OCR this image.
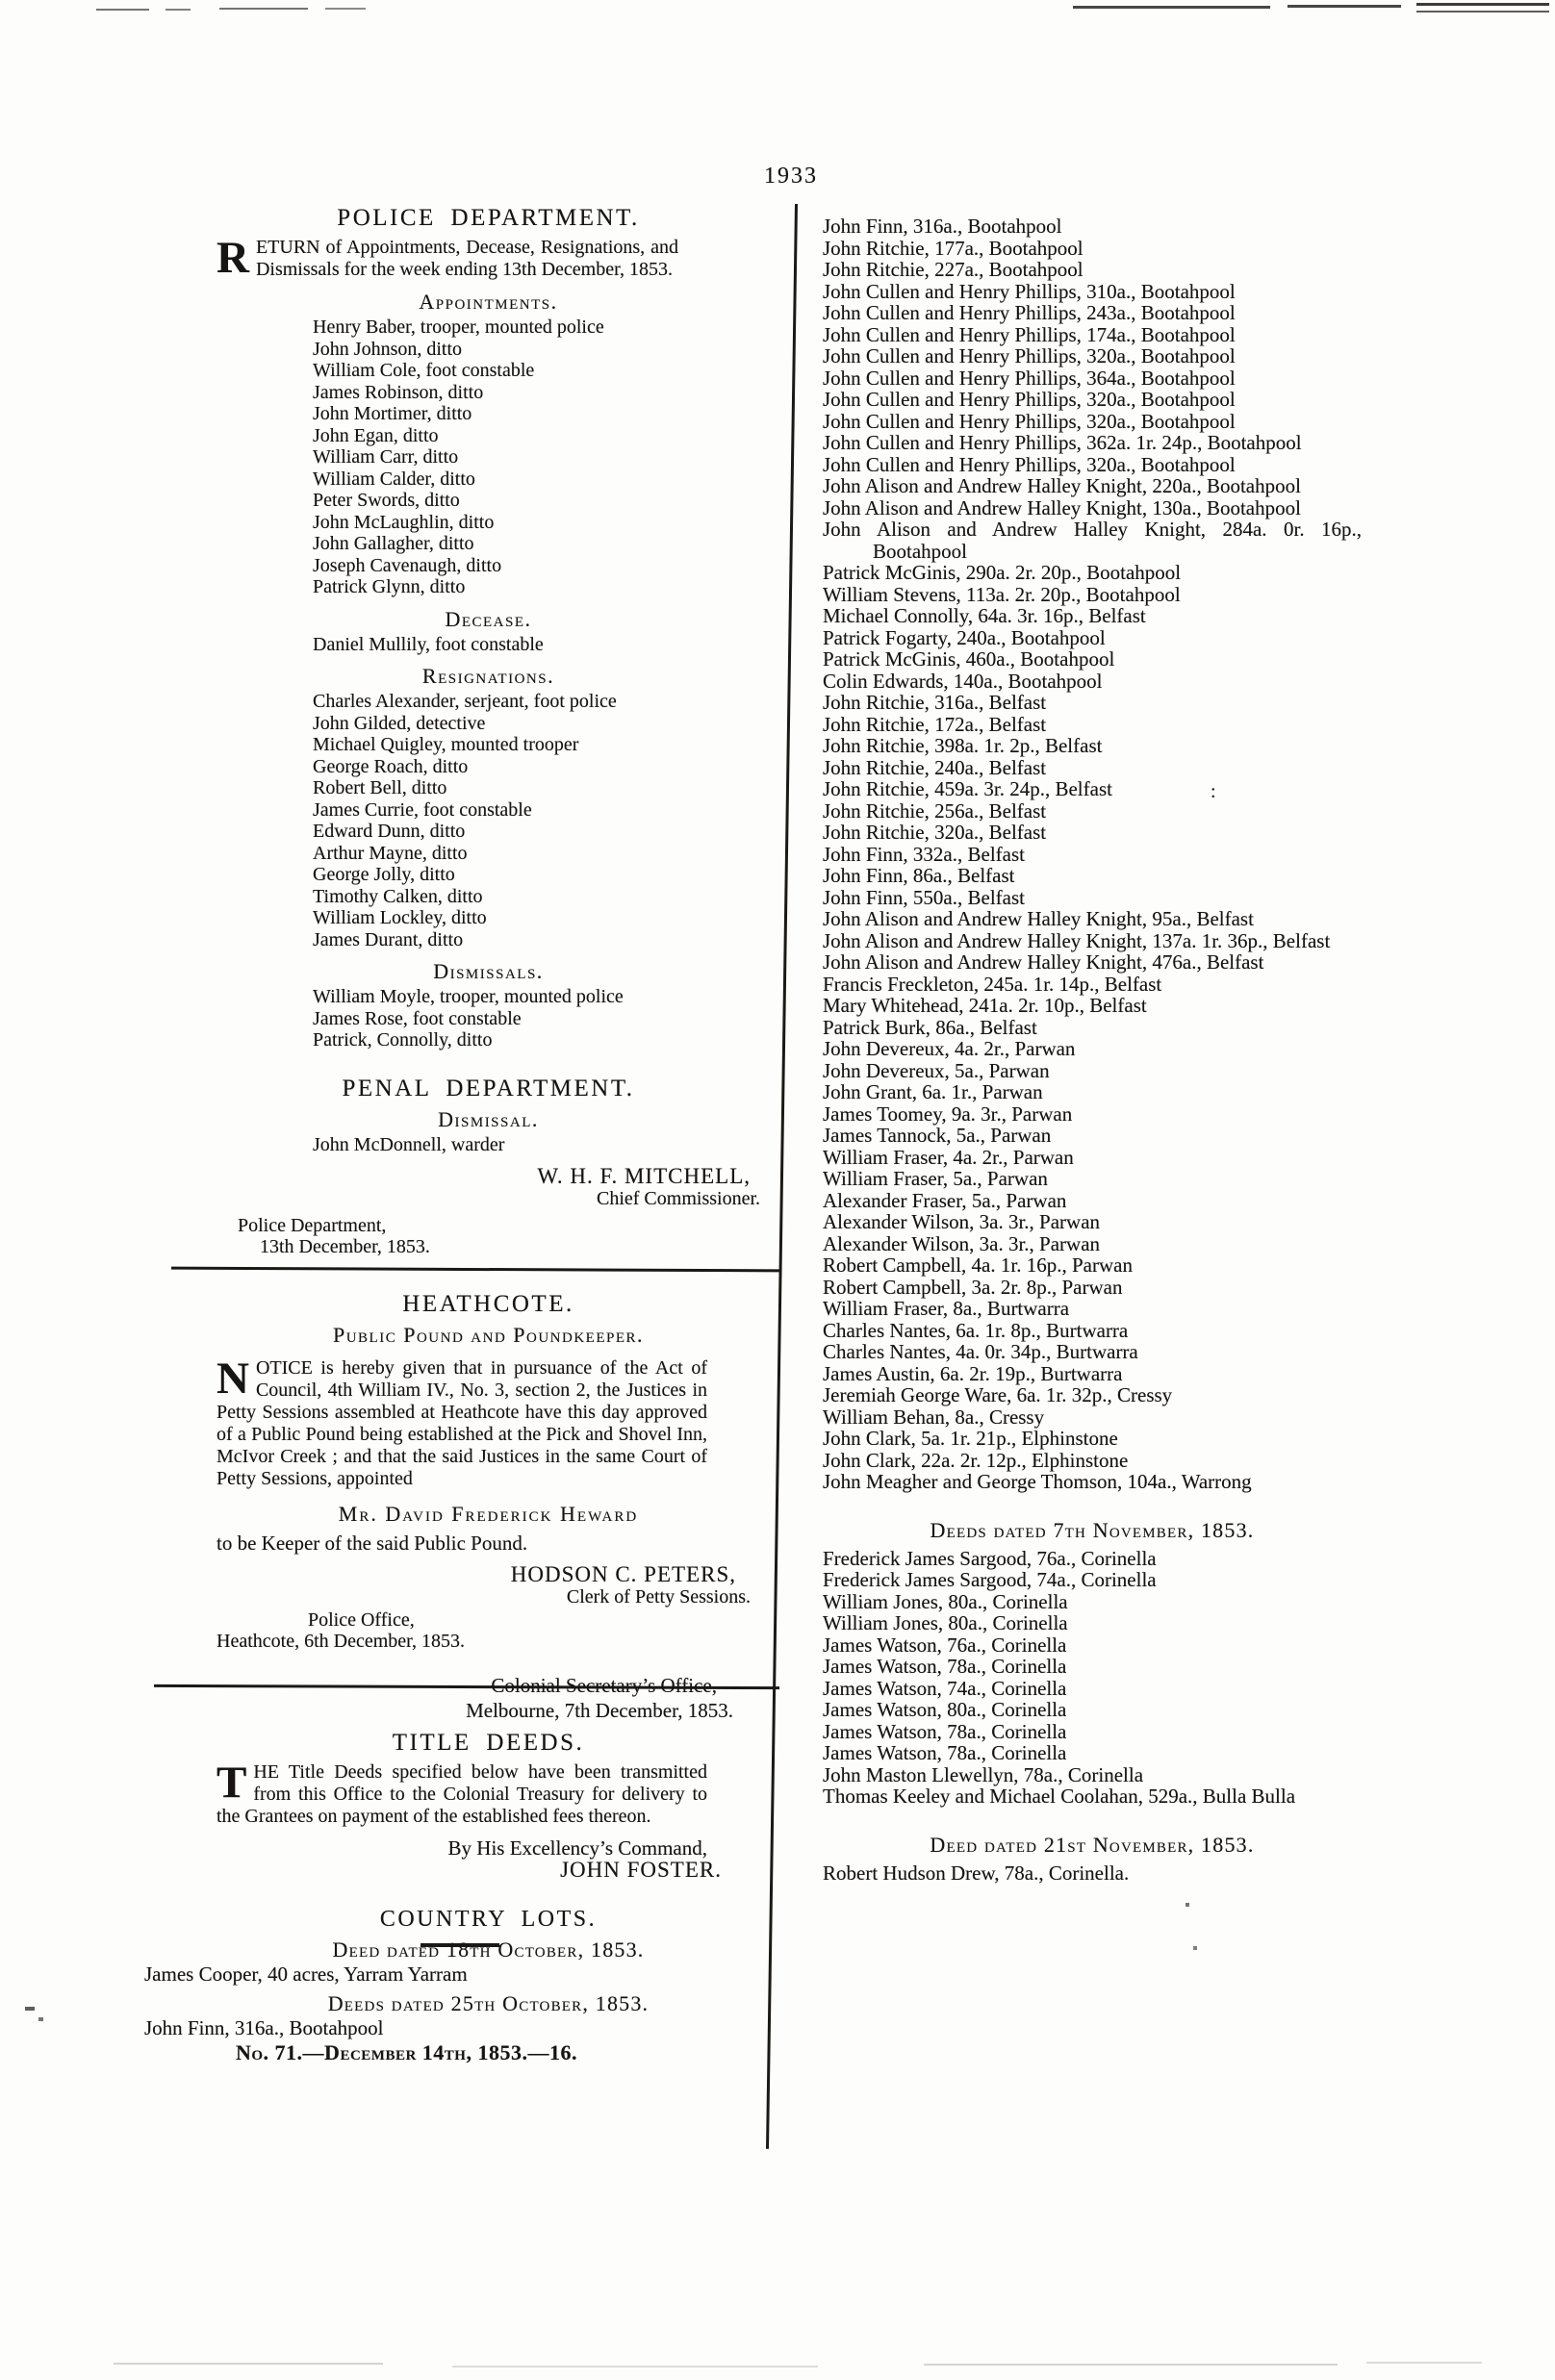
:
1933
POLICE DEPARTMENT.

RETURN of Appointments, Decease, Resignations, and Dismissals for the week ending 13th December, 1853.

Appointments.
Henry Baber, trooper, mounted police
John Johnson, ditto
William Cole, foot constable
James Robinson, ditto
John Mortimer, ditto
John Egan, ditto
William Carr, ditto
William Calder, ditto
Peter Swords, ditto
John McLaughlin, ditto
John Gallagher, ditto
Joseph Cavenaugh, ditto
Patrick Glynn, ditto
Decease.
Daniel Mullily, foot constable
Resignations.
Charles Alexander, serjeant, foot police
John Gilded, detective
Michael Quigley, mounted trooper
George Roach, ditto
Robert Bell, ditto
James Currie, foot constable
Edward Dunn, ditto
Arthur Mayne, ditto
George Jolly, ditto
Timothy Calken, ditto
William Lockley, ditto
James Durant, ditto
Dismissals.
William Moyle, trooper, mounted police
James Rose, foot constable
Patrick, Connolly, ditto
PENAL DEPARTMENT.
Dismissal.
John McDonnell, warder
W. H. F. MITCHELL,
Chief Commissioner.
Police Department,
13th December, 1853.
HEATHCOTE.
Public Pound and Poundkeeper.

NOTICE is hereby given that in pursuance of the Act of Council, 4th William IV., No. 3, section 2, the Justices in Petty Sessions assembled at Heathcote have this day approved of a Public Pound being established at the Pick and Shovel Inn, McIvor Creek ; and that the said Justices in the same Court of Petty Sessions, appointed

Mr. David Frederick Heward
to be Keeper of the said Public Pound.
HODSON C. PETERS,
Clerk of Petty Sessions.
Police Office,
Heathcote, 6th December, 1853.
Colonial Secretary’s Office,
Melbourne, 7th December, 1853.
TITLE DEEDS.

THE Title Deeds specified below have been transmitted from this Office to the Colonial Treasury for delivery to the Grantees on payment of the established fees thereon.

By His Excellency’s Command,
JOHN FOSTER.
COUNTRY LOTS.
Deed dated 18th October, 1853.
James Cooper, 40 acres, Yarram Yarram
Deeds dated 25th October, 1853.
John Finn, 316a., Bootahpool
No. 71.—December 14th, 1853.—16.
John Finn, 316a., Bootahpool
John Ritchie, 177a., Bootahpool
John Ritchie, 227a., Bootahpool
John Cullen and Henry Phillips, 310a., Bootahpool
John Cullen and Henry Phillips, 243a., Bootahpool
John Cullen and Henry Phillips, 174a., Bootahpool
John Cullen and Henry Phillips, 320a., Bootahpool
John Cullen and Henry Phillips, 364a., Bootahpool
John Cullen and Henry Phillips, 320a., Bootahpool
John Cullen and Henry Phillips, 320a., Bootahpool
John Cullen and Henry Phillips, 362a. 1r. 24p., Bootahpool
John Cullen and Henry Phillips, 320a., Bootahpool
John Alison and Andrew Halley Knight, 220a., Bootahpool
John Alison and Andrew Halley Knight, 130a., Bootahpool
John Alison and Andrew Halley Knight, 284a. 0r. 16p., Bootahpool
Patrick McGinis, 290a. 2r. 20p., Bootahpool
William Stevens, 113a. 2r. 20p., Bootahpool
Michael Connolly, 64a. 3r. 16p., Belfast
Patrick Fogarty, 240a., Bootahpool
Patrick McGinis, 460a., Bootahpool
Colin Edwards, 140a., Bootahpool
John Ritchie, 316a., Belfast
John Ritchie, 172a., Belfast
John Ritchie, 398a. 1r. 2p., Belfast
John Ritchie, 240a., Belfast
John Ritchie, 459a. 3r. 24p., Belfast
John Ritchie, 256a., Belfast
John Ritchie, 320a., Belfast
John Finn, 332a., Belfast
John Finn, 86a., Belfast
John Finn, 550a., Belfast
John Alison and Andrew Halley Knight, 95a., Belfast
John Alison and Andrew Halley Knight, 137a. 1r. 36p., Belfast
John Alison and Andrew Halley Knight, 476a., Belfast
Francis Freckleton, 245a. 1r. 14p., Belfast
Mary Whitehead, 241a. 2r. 10p., Belfast
Patrick Burk, 86a., Belfast
John Devereux, 4a. 2r., Parwan
John Devereux, 5a., Parwan
John Grant, 6a. 1r., Parwan
James Toomey, 9a. 3r., Parwan
James Tannock, 5a., Parwan
William Fraser, 4a. 2r., Parwan
William Fraser, 5a., Parwan
Alexander Fraser, 5a., Parwan
Alexander Wilson, 3a. 3r., Parwan
Alexander Wilson, 3a. 3r., Parwan
Robert Campbell, 4a. 1r. 16p., Parwan
Robert Campbell, 3a. 2r. 8p., Parwan
William Fraser, 8a., Burtwarra
Charles Nantes, 6a. 1r. 8p., Burtwarra
Charles Nantes, 4a. 0r. 34p., Burtwarra
James Austin, 6a. 2r. 19p., Burtwarra
Jeremiah George Ware, 6a. 1r. 32p., Cressy
William Behan, 8a., Cressy
John Clark, 5a. 1r. 21p., Elphinstone
John Clark, 22a. 2r. 12p., Elphinstone
John Meagher and George Thomson, 104a., Warrong
Deeds dated 7th November, 1853.
Frederick James Sargood, 76a., Corinella
Frederick James Sargood, 74a., Corinella
William Jones, 80a., Corinella
William Jones, 80a., Corinella
James Watson, 76a., Corinella
James Watson, 78a., Corinella
James Watson, 74a., Corinella
James Watson, 80a., Corinella
James Watson, 78a., Corinella
James Watson, 78a., Corinella
John Maston Llewellyn, 78a., Corinella
Thomas Keeley and Michael Coolahan, 529a., Bulla Bulla
Deed dated 21st November, 1853.
Robert Hudson Drew, 78a., Corinella.
